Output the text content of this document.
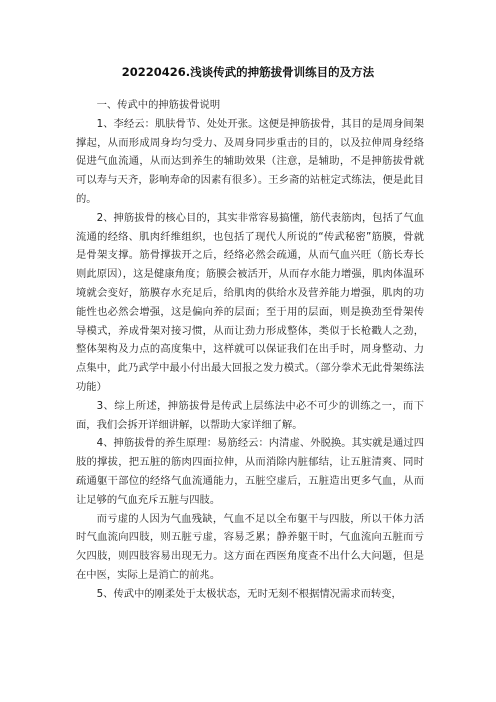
20220426.浅谈传武的抻筋拔骨训练目的及方法

一、传武中的抻筋拔骨说明

1、李经云：肌肤骨节、处处开张。这便是抻筋拔骨，其目的是周身间架撑起，从而形成周身均匀受力、及周身同步重击的目的，以及拉伸周身经络促进气血流通，从而达到养生的辅助效果（注意，是辅助，不是抻筋拔骨就可以寿与天齐，影响寿命的因素有很多）。王乡斋的站桩定式练法，便是此目的。

2、抻筋拔骨的核心目的，其实非常容易搞懂，筋代表筋肉，包括了气血流通的经络、肌肉纤维组织，也包括了现代人所说的“传武秘密”筋膜，骨就是骨架支撑。筋骨撑拔开之后，经络必然会疏通，从而气血兴旺（筋长寿长则此原因），这是健康角度；筋膜会被活开，从而存水能力增强，肌肉体温环境就会变好，筋膜存水充足后，给肌肉的供给水及营养能力增强，肌肉的功能性也必然会增强，这是偏向养的层面；至于用的层面，则是换劲至骨架传导模式，养成骨架对接习惯，从而让劲力形成整体，类似于长枪戳人之劲，整体架构及力点的高度集中，这样就可以保证我们在出手时，周身整动、力点集中，此乃武学中最小付出最大回报之发力模式。（部分拳术无此骨架练法功能）

3、综上所述，抻筋拔骨是传武上层练法中必不可少的训练之一，而下面，我们会拆开详细讲解，以帮助大家详细了解。

4、抻筋拔骨的养生原理：易筋经云：内清虚、外脱换。其实就是通过四肢的撑拔，把五脏的筋肉四面拉伸，从而消除内脏郁结，让五脏清爽、同时疏通躯干部位的经络气血流通能力，五脏空虚后，五脏造出更多气血，从而让足够的气血充斥五脏与四肢。

而亏虚的人因为气血残缺，气血不足以全布躯干与四肢，所以干体力活时气血流向四肢，则五脏亏虚，容易乏累；静养躯干时，气血流向五脏而亏欠四肢，则四肢容易出现无力。这方面在西医角度查不出什么大问题，但是在中医，实际上是消亡的前兆。

5、传武中的刚柔处于太极状态，无时无刻不根据情况需求而转变，
